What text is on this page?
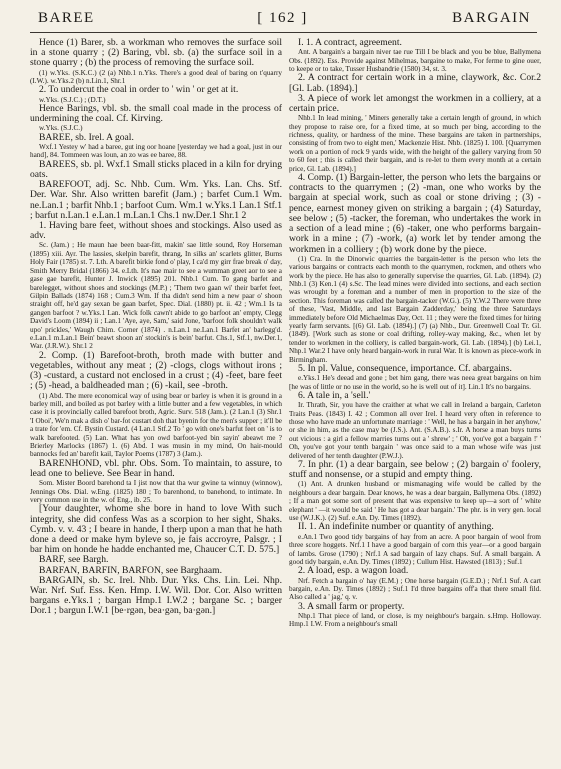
BAREE	[ 162 ]	BARGAIN

Hence (1) Barer, sb. a workman who removes the surface soil in a stone quarry ; (2) Baring, vbl. sb. (a) the surface soil in a stone quarry ; (b) the process of removing the surface soil.

(1) w.Yks. (S.K.C.) (2 (a) Nhb.1 n.Yks. There's a good deal of baring on t'quarry (I.W.). w.Yks.2 (b) n.Lin.1, Shr.1

2. To undercut the coal in order to ' win ' or get at it.

w.Yks. (S.J.C.) ; (D.T.)

Hence Barings, vbl. sb. the small coal made in the process of undermining the coal. Cf. Kirving.

w.Yks. (S.J.C.)

BAREE, sb. Irel. A goal.

Wxf.1 Yestey w' had a baree, gut ing oor hoane [yesterday we had a goal, just in our hand], 84. Tommeen was loun, an zo was ee baree, 88.

BAREES, sb. pl. Wxf.1 Small sticks placed in a kiln for drying oats.

BAREFOOT, adj. Sc. Nhb. Cum. Wm. Yks. Lan. Chs. Stf. Der. War. Shr. Also written barefit (Jam.) ; barfet Cum.1 Wm. ne.Lan.1 ; barfit Nhb.1 ; barfoot Cum. Wm.1 w.Yks.1 Lan.1 Stf.1 ; barfut n.Lan.1 e.Lan.1 m.Lan.1 Chs.1 nw.Der.1 Shr.1 2

1. Having bare feet, without shoes and stockings. Also used as adv.

Sc. (Jam.) ; He maun hae been baar-fitt, makin' sae little sound, Roy Horseman (1895) xiii. Ayr. The lassies, skelpin barefit, thrang, In silks an' scarlets glitter, Burns Holy Fair (1785) st. 7. Lth. A barefit birkie fond o' play, I ca'd my girr frae break o' day, Smith Merry Bridal (1866) 34. e.Lth. It's nae mair to see a wumman greet aor to see a gase gae barefit, Hunter J. Inwick (1895) 201. Nhb.1 Cum. To gang barfet and barelegget, without shoes and stockings (M.P.) ; 'Them two gaan wi' their barfet feet, Gilpin Ballads (1874) 168 ; Cum.3 Wm. If tha didn't send him a new paar o' shoon straight off, he'd gay sexan be gaan barfet, Spec. Dial. (1880) pt. ii. 42 ; Wm.1 Is ta gangen barfoot ? w.Yks.1 Lan. Wick folk cawn't abide to go barfoot an' empty, Clegg David's Loom (1894) ii ; Lan.1 'Aye, aye, Sam,' said Jone, 'barfoot folk shouldn't walk upo' prickles,' Waugh Chim. Corner (1874) . n.Lan.1 ne.Lan.1 Barfet an' barlegg'd. e.Lan.1 m.Lan.1 Bein' beawt shoon an' stockin's is bein' barfut. Chs.1, Stf.1, nw.Der.1, War. (J.R.W.). Shr.1 2

2. Comp. (1) Barefoot-broth, broth made with butter and vegetables, without any meat ; (2) -clogs, clogs without irons ; (3) -custard, a custard not enclosed in a crust ; (4) -feet, bare feet ; (5) -head, a baldheaded man ; (6) -kail, see -broth.

(1) Abd. The mere economical way of using bear or barley is when it is ground in a barley mill, and boiled as pot barley with a little butter and a few vegetables, in which case it is provincially called barefoot broth, Agric. Surv. 518 (Jam.). (2 Lan.1 (3) Shr.1 'I Oboi', We'n mak a dish o' bar-fot custart doh that byenin for the men's supper ; it'll be a trate for 'em. Cf. Bystin Custard. (4 Lan.1 Stf.2 To ' go with one's barfut feet on ' is to walk barefooted. (5) Lan. What has yon owd barfoot-yed bin sayin' abeawt me ? Brierley Marlocks (1867) 1. (6) Abd. I was musin in my mind, On hair-mould bannocks fed an' barefit kail, Taylor Poems (1787) 3 (Jam.).

BARENHOND, vbl. phr. Obs. Som. To maintain, to assure, to lead one to believe. See Bear in hand.

Som. Mister Boord barehond ta I jist now that tha wur gwine ta winnuy (winnow), Jennings Obs. Dial. w.Eng. (1825) 180 ; To barenhond, to banehond, to intimate. In very common use in the w. of Eng., ib. 25.

[Your daughter, whome she bore in hand to love With such integrity, she did confess Was as a scorpion to her sight, Shaks. Cymb. v. v. 43 ; I beare in hande, I therp upon a man that he hath done a deed or make hym byleve so, je fais accroyre, Palsgr. ; I bar him on honde he hadde enchanted me, Chaucer C.T. D. 575.]

BARF, see Bargh.

BARFAN, BARFIN, BARFON, see Barghaam.

BARGAIN, sb. Sc. Irel. Nhb. Dur. Yks. Chs. Lin. Lei. Nhp. War. Nrf. Suf. Ess. Ken. Hmp. I.W. Wil. Dor. Cor. Also written bargans e.Yks.1 ; bargan Hmp.1 I.W.2 ; bargane Sc. ; barger Dor.1 ; bargun I.W.1 [be·rgən, bea·gən, ba·gən.]

I. 1. A contract, agreement.

Ant. A bargain's a bargain niver tae rue Till I be black and you be blue, Ballymena Obs. (1892). Ess. Provide against Mihelmas, bargaine to make, For ferme to gine ouer, to keepe or to take, Tusser Husbandrie (1580) 34, st. 3.

2. A contract for certain work in a mine, claywork, &c. Cor.2 [Gl. Lab. (1894).]

3. A piece of work let amongst the workmen in a colliery, at a certain price.

Nhb.1 In lead mining, ' Miners generally take a certain length of ground, in which they propose to raise ore, for a fixed time, at so much per bing, according to the richness, quality, or hardness of the mine. These bargains are taken in partnerships, consisting of from two to eight men,' Mackenzie Hist. Nhb. (1825) I. 100. [Quarrymen work on a portion of rock 9 yards wide, with the height of the gallery varying from 50 to 60 feet ; this is called their bargain, and is re-let to them every month at a certain price, Gl. Lab. (1894).]

4. Comp. (1) Bargain-letter, the person who lets the bargains or contracts to the quarrymen ; (2) -man, one who works by the bargain at special work, such as coal or stone driving ; (3) -pence, earnest money given on striking a bargain ; (4) Saturday, see below ; (5) -tacker, the foreman, who undertakes the work in a section of a lead mine ; (6) -taker, one who performs bargain-work in a mine ; (7) -work, (a) work let by tender among the workmen in a colliery ; (b) work done by the piece.

(1) Cra. In the Dinorwic quarries the bargain-letter is the person who lets the various bargains or contracts each month to the quarrymen, rockmen, and others who work by the piece. He has also to generally supervise the quarries, Gl. Lab. (1894). (2) Nhb.1 (3) Ken.1 (4) s.Sc. The lead mines were divided into sections, and each section was wrought by a foreman and a number of men in proportion to the size of the section. This foreman was called the bargain-tacker (W.G.). (5) Y.W.2 There were three of these, 'Vast, Middle, and last Bargain Zadderday,' being the three Saturdays immediately before Old Michaelmas Day, Oct. 11 ; they were the fixed times for hiring yearly farm servants. [(6) Gl. Lab. (1894).] (7) (a) Nhb., Dur. Greenwell Coal Tr. Gl. (1849). [Work such as stone or coal drifting, rolley-way making, &c., when let by tender to workmen in the colliery, is called bargain-work, Gl. Lab. (1894).] (b) Lei.1, Nhp.1 War.2 I have only heard bargain-work in rural War. It is known as piece-work in Birmingham.

5. In pl. Value, consequence, importance. Cf. abargains.

e.Yks.1 He's deead and gone ; bet him gang, there was neea great bargains on him [he was of little or no use in the world, so he is well out of it]. Lin.1 It's no bargains.

6. A tale in, a 'sell.'

Ir. Thrath, Sir, you have the craither at what we call in Ireland a bargain, Carleton Traits Peas. (1843) I. 42 ; Common all over Irel. I heard very often in reference to those who have made an unfortunate marriage : ' Well, he has a bargain in her anyhow,' or she in him, as the case may be (J.S.). Ant. (S.A.B.). s.Ir. A horse a man buys turns out vicious : a girl a fellow marries turns out a ' shrew' ; ' Oh, you've got a bargain !' ' Oh, you've got your tenth bargain ' was once said to a man whose wife was just delivered of her tenth daughter (P.W.J.).

7. In phr. (1) a dear bargain, see below ; (2) bargain o' foolery, stuff and nonsense, or a stupid and empty thing.

(1) Ant. A drunken husband or mismanaging wife would be called by the neighbours a dear bargain. Dear knows, he was a dear bargain, Ballymena Obs. (1892) ; If a man got some sort of present that was expensive to keep up—a sort of ' white elephant ' —it would be said ' He has got a dear bargain.' The phr. is in very gen. local use (W.J.K.). (2) Suf. e.An. Dy. Times (1892).

II. 1. An indefinite number or quantity of anything.

e.An.1 Two good tidy bargains of hay from an acre. A poor bargain of wool from three score hoggets. Nrf.1 I have a good bargain of corn this year—or a good bargain of lambs. Grose (1790) ; Nrf.1 A sad bargain of lazy chaps. Suf. A small bargain. A good tidy bargain, e.An. Dy. Times (1892) ; Cullum Hist. Hawsted (1813) ; Suf.1

2. A load, esp. a wagon load.

Nrf. Fetch a bargain o' hay (E.M.) ; One horse bargain (G.E.D.) ; Nrf.1 Suf. A cart bargain, e.An. Dy. Times (1892) ; Suf.1 I'd three bargains off'a that there small fild. Also called a ' jag,' q. v.

3. A small farm or property.

Nhp.1 That piece of land, or close, is my neighbour's bargain. s.Hmp. Holloway. Hmp.1 I.W. From a neighbour's small
